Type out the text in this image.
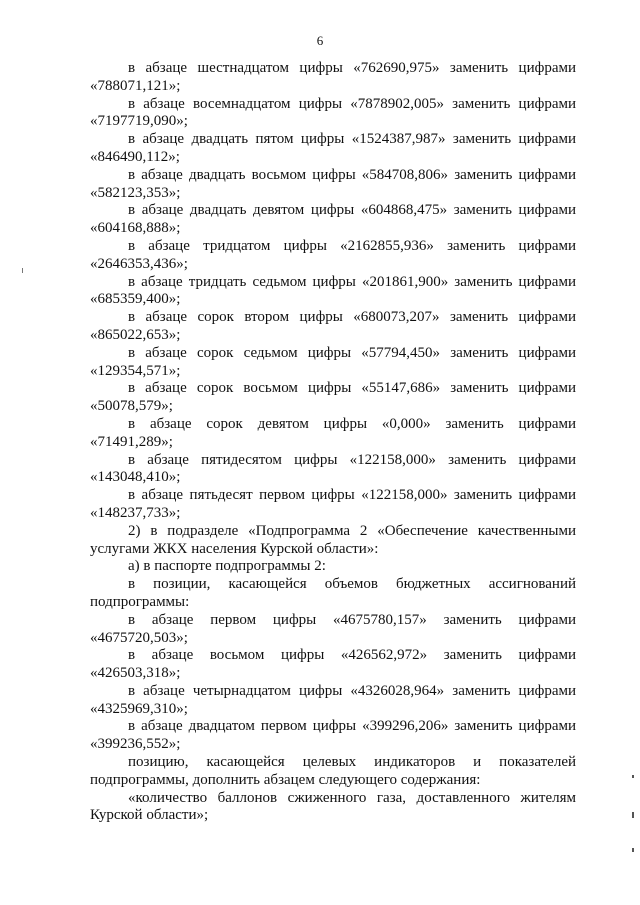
6

в абзаце шестнадцатом цифры «762690,975» заменить цифрами «788071,121»;

в абзаце восемнадцатом цифры «7878902,005» заменить цифрами «7197719,090»;

в абзаце двадцать пятом цифры «1524387,987» заменить цифрами «846490,112»;

в абзаце двадцать восьмом цифры «584708,806» заменить цифрами «582123,353»;

в абзаце двадцать девятом цифры «604868,475» заменить цифрами «604168,888»;

в абзаце тридцатом цифры «2162855,936» заменить цифрами «2646353,436»;

в абзаце тридцать седьмом цифры «201861,900» заменить цифрами «685359,400»;

в абзаце сорок втором цифры «680073,207» заменить цифрами «865022,653»;

в абзаце сорок седьмом цифры «57794,450» заменить цифрами «129354,571»;

в абзаце сорок восьмом цифры «55147,686» заменить цифрами «50078,579»;

в абзаце сорок девятом цифры «0,000» заменить цифрами «71491,289»;

в абзаце пятидесятом цифры «122158,000» заменить цифрами «143048,410»;

в абзаце пятьдесят первом цифры «122158,000» заменить цифрами «148237,733»;

2) в подразделе «Подпрограмма 2 «Обеспечение качественными услугами ЖКХ населения Курской области»:

а) в паспорте подпрограммы 2:

в позиции, касающейся объемов бюджетных ассигнований подпрограммы:

в абзаце первом цифры «4675780,157» заменить цифрами «4675720,503»;

в абзаце восьмом цифры «426562,972» заменить цифрами «426503,318»;

в абзаце четырнадцатом цифры «4326028,964» заменить цифрами «4325969,310»;

в абзаце двадцатом первом цифры «399296,206» заменить цифрами «399236,552»;

позицию, касающейся целевых индикаторов и показателей подпрограммы, дополнить абзацем следующего содержания:

«количество баллонов сжиженного газа, доставленного жителям Курской области»;
